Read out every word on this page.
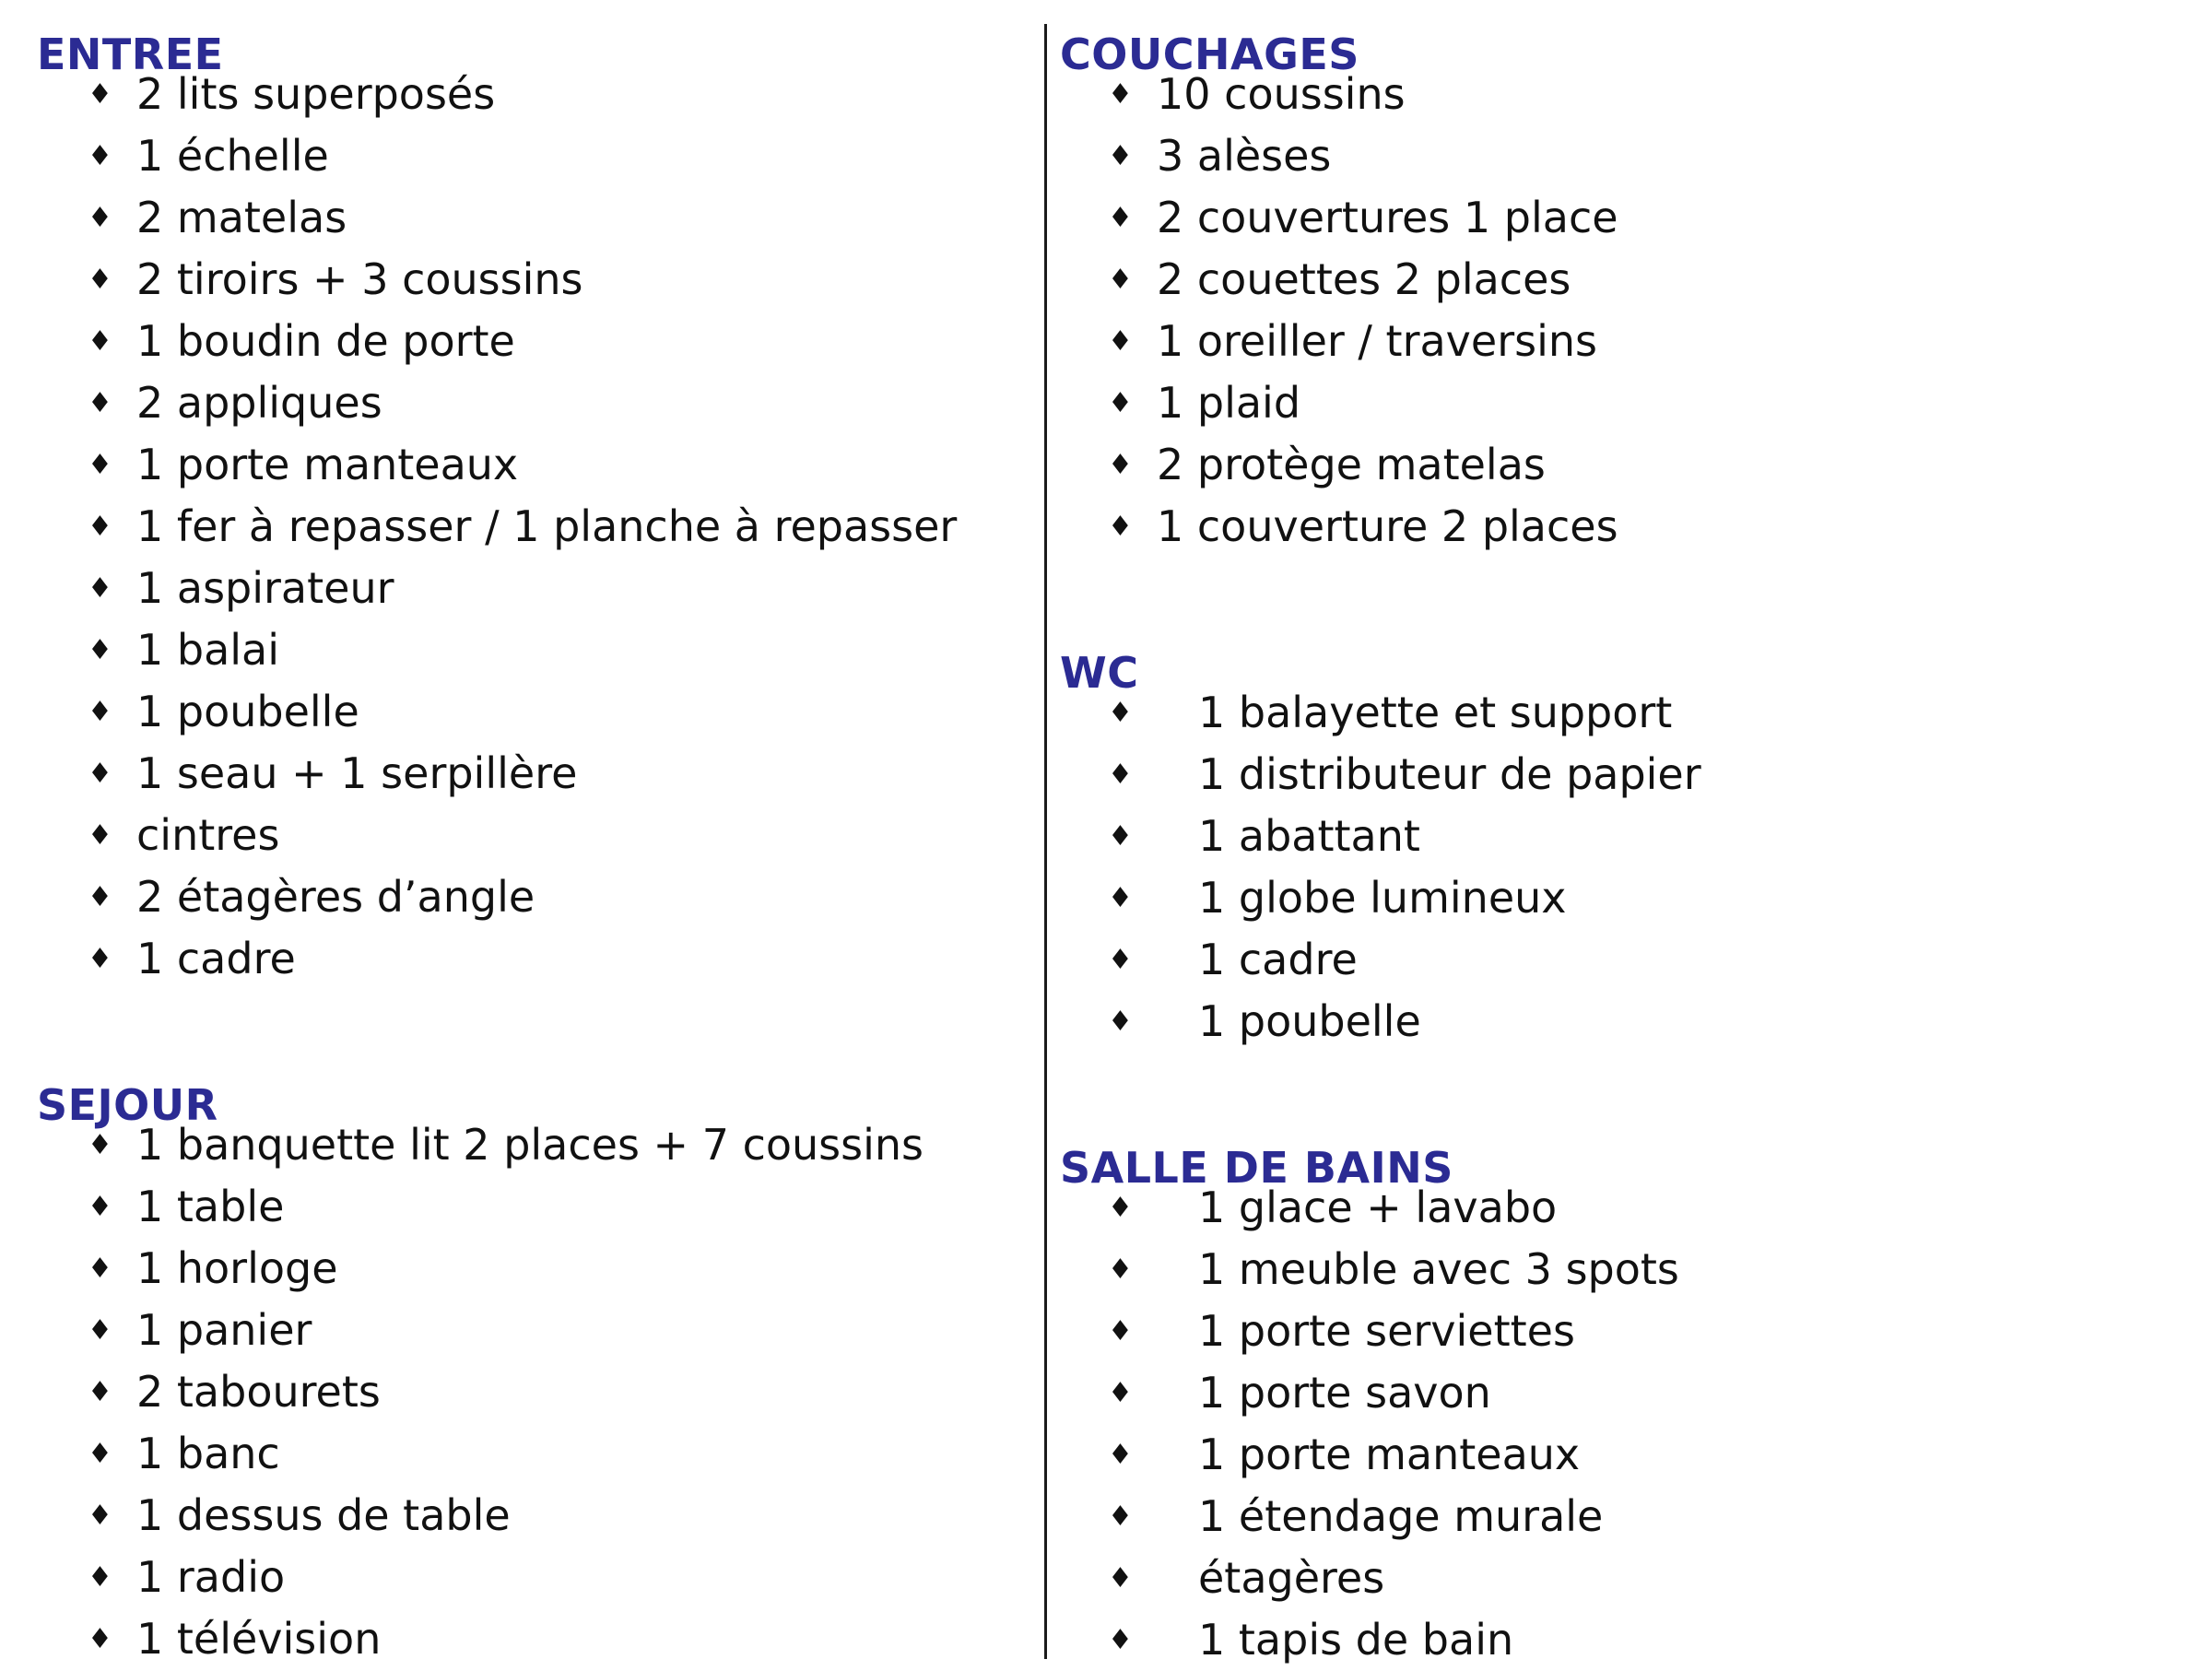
ENTREE
♦ 2 lits superposés
♦ 1 échelle
♦ 2 matelas
♦ 2 tiroirs + 3 coussins
♦ 1 boudin de porte
♦ 2 appliques
♦ 1 porte manteaux
♦ 1 fer à repasser / 1 planche à repasser
♦ 1 aspirateur
♦ 1 balai
♦ 1 poubelle
♦ 1 seau + 1 serpillère
♦ cintres
♦ 2 étagères d’angle
♦ 1 cadre
SEJOUR
♦ 1 banquette lit 2 places + 7 coussins
♦ 1 table
♦ 1 horloge
♦ 1 panier
♦ 2 tabourets
♦ 1 banc
♦ 1 dessus de table
♦ 1 radio
♦ 1 télévision
COUCHAGES
♦ 10 coussins
♦ 3 alèses
♦ 2 couvertures 1 place
♦ 2 couettes 2 places
♦ 1 oreiller / traversins
♦ 1 plaid
♦ 2 protège matelas
♦ 1 couverture 2 places
WC
♦ 1 balayette et support
♦ 1 distributeur de papier
♦ 1 abattant
♦ 1 globe lumineux
♦ 1 cadre
♦ 1 poubelle
SALLE DE BAINS
♦ 1 glace + lavabo
♦ 1 meuble avec 3 spots
♦ 1 porte serviettes
♦ 1 porte savon
♦ 1 porte manteaux
♦ 1 étendage murale
♦ étagères
♦ 1 tapis de bain
